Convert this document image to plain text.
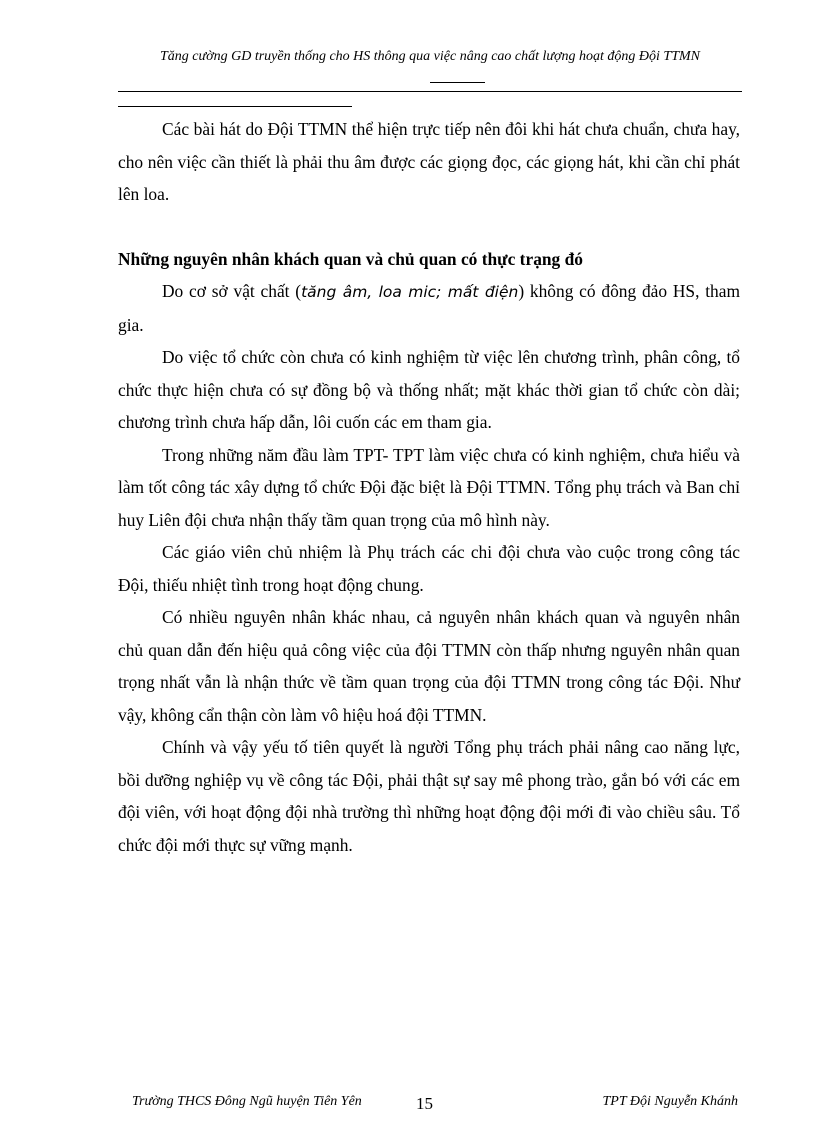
Tăng cường GD truyền thống cho HS thông qua việc nâng cao chất lượng hoạt động Đội TTMN

Các bài hát do Đội TTMN thể hiện trực tiếp nên đôi khi hát chưa chuẩn, chưa hay, cho nên việc cần thiết là phải thu âm được các giọng đọc, các giọng hát, khi cần chỉ phát lên loa.

Những nguyên nhân khách quan và chủ quan có thực trạng đó

Do cơ sở vật chất (tăng âm, loa mic; mất điện) không có đông đảo HS, tham gia.

Do việc tổ chức còn chưa có kinh nghiệm từ việc lên chương trình, phân công, tổ chức thực hiện chưa có sự đồng bộ và thống nhất; mặt khác thời gian tổ chức còn dài; chương trình chưa hấp dẫn, lôi cuốn các em tham gia.

Trong những năm đầu làm TPT- TPT làm việc chưa có kinh nghiệm, chưa hiểu và làm tốt công tác xây dựng tổ chức Đội đặc biệt là Đội TTMN. Tổng phụ trách và Ban chỉ huy Liên đội chưa nhận thấy tầm quan trọng của mô hình này.

Các giáo viên chủ nhiệm là Phụ trách các chi đội chưa vào cuộc trong công tác Đội, thiếu nhiệt tình trong hoạt động chung.

Có nhiều nguyên nhân khác nhau, cả nguyên nhân khách quan và nguyên nhân chủ quan dẫn đến hiệu quả công việc của đội TTMN còn thấp nhưng nguyên nhân quan trọng nhất vẫn là nhận thức về tầm quan trọng của đội TTMN trong công tác Đội. Như vậy, không cẩn thận còn làm vô hiệu hoá đội TTMN.

Chính và vậy yếu tố tiên quyết là người Tổng phụ trách phải nâng cao năng lực, bồi dưỡng nghiệp vụ về công tác Đội, phải thật sự say mê phong trào, gắn bó với các em đội viên, với hoạt động đội nhà trường thì những hoạt động đội mới đi vào chiều sâu. Tổ chức đội mới thực sự vững mạnh.

Trường THCS Đông Ngũ huyện Tiên Yên	15	TPT Đội Nguyễn Khánh
